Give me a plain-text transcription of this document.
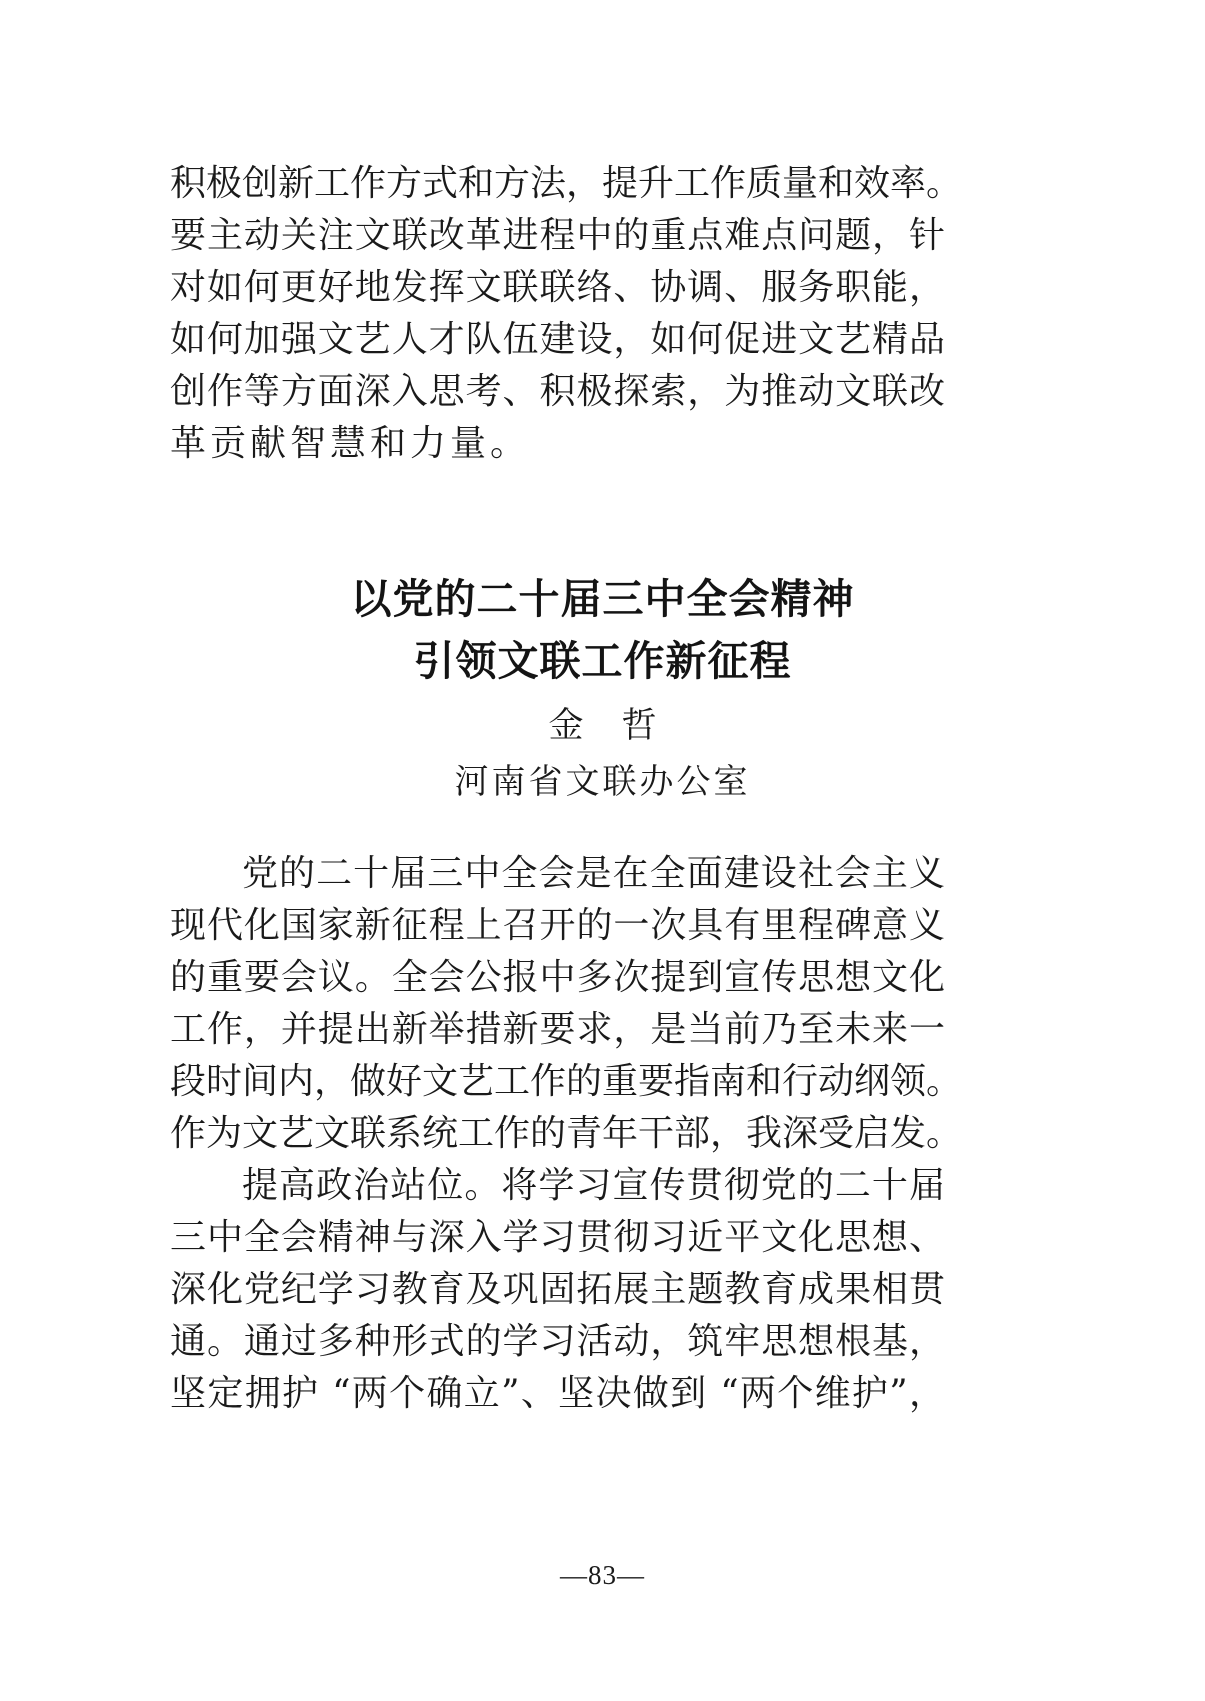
积极创新工作方式和方法，提升工作质量和效率。
要主动关注文联改革进程中的重点难点问题，针
对如何更好地发挥文联联络、协调、服务职能，
如何加强文艺人才队伍建设，如何促进文艺精品
创作等方面深入思考、积极探索，为推动文联改
革贡献智慧和力量。
以党的二十届三中全会精神
引领文联工作新征程
金哲
河南省文联办公室
党的二十届三中全会是在全面建设社会主义
现代化国家新征程上召开的一次具有里程碑意义
的重要会议。全会公报中多次提到宣传思想文化
工作，并提出新举措新要求，是当前乃至未来一
段时间内，做好文艺工作的重要指南和行动纲领。
作为文艺文联系统工作的青年干部，我深受启发。
提高政治站位。将学习宣传贯彻党的二十届
三中全会精神与深入学习贯彻习近平文化思想、
深化党纪学习教育及巩固拓展主题教育成果相贯
通。通过多种形式的学习活动，筑牢思想根基，
坚定拥护 “两个确立”、坚决做到 “两个维护”，
—83—
